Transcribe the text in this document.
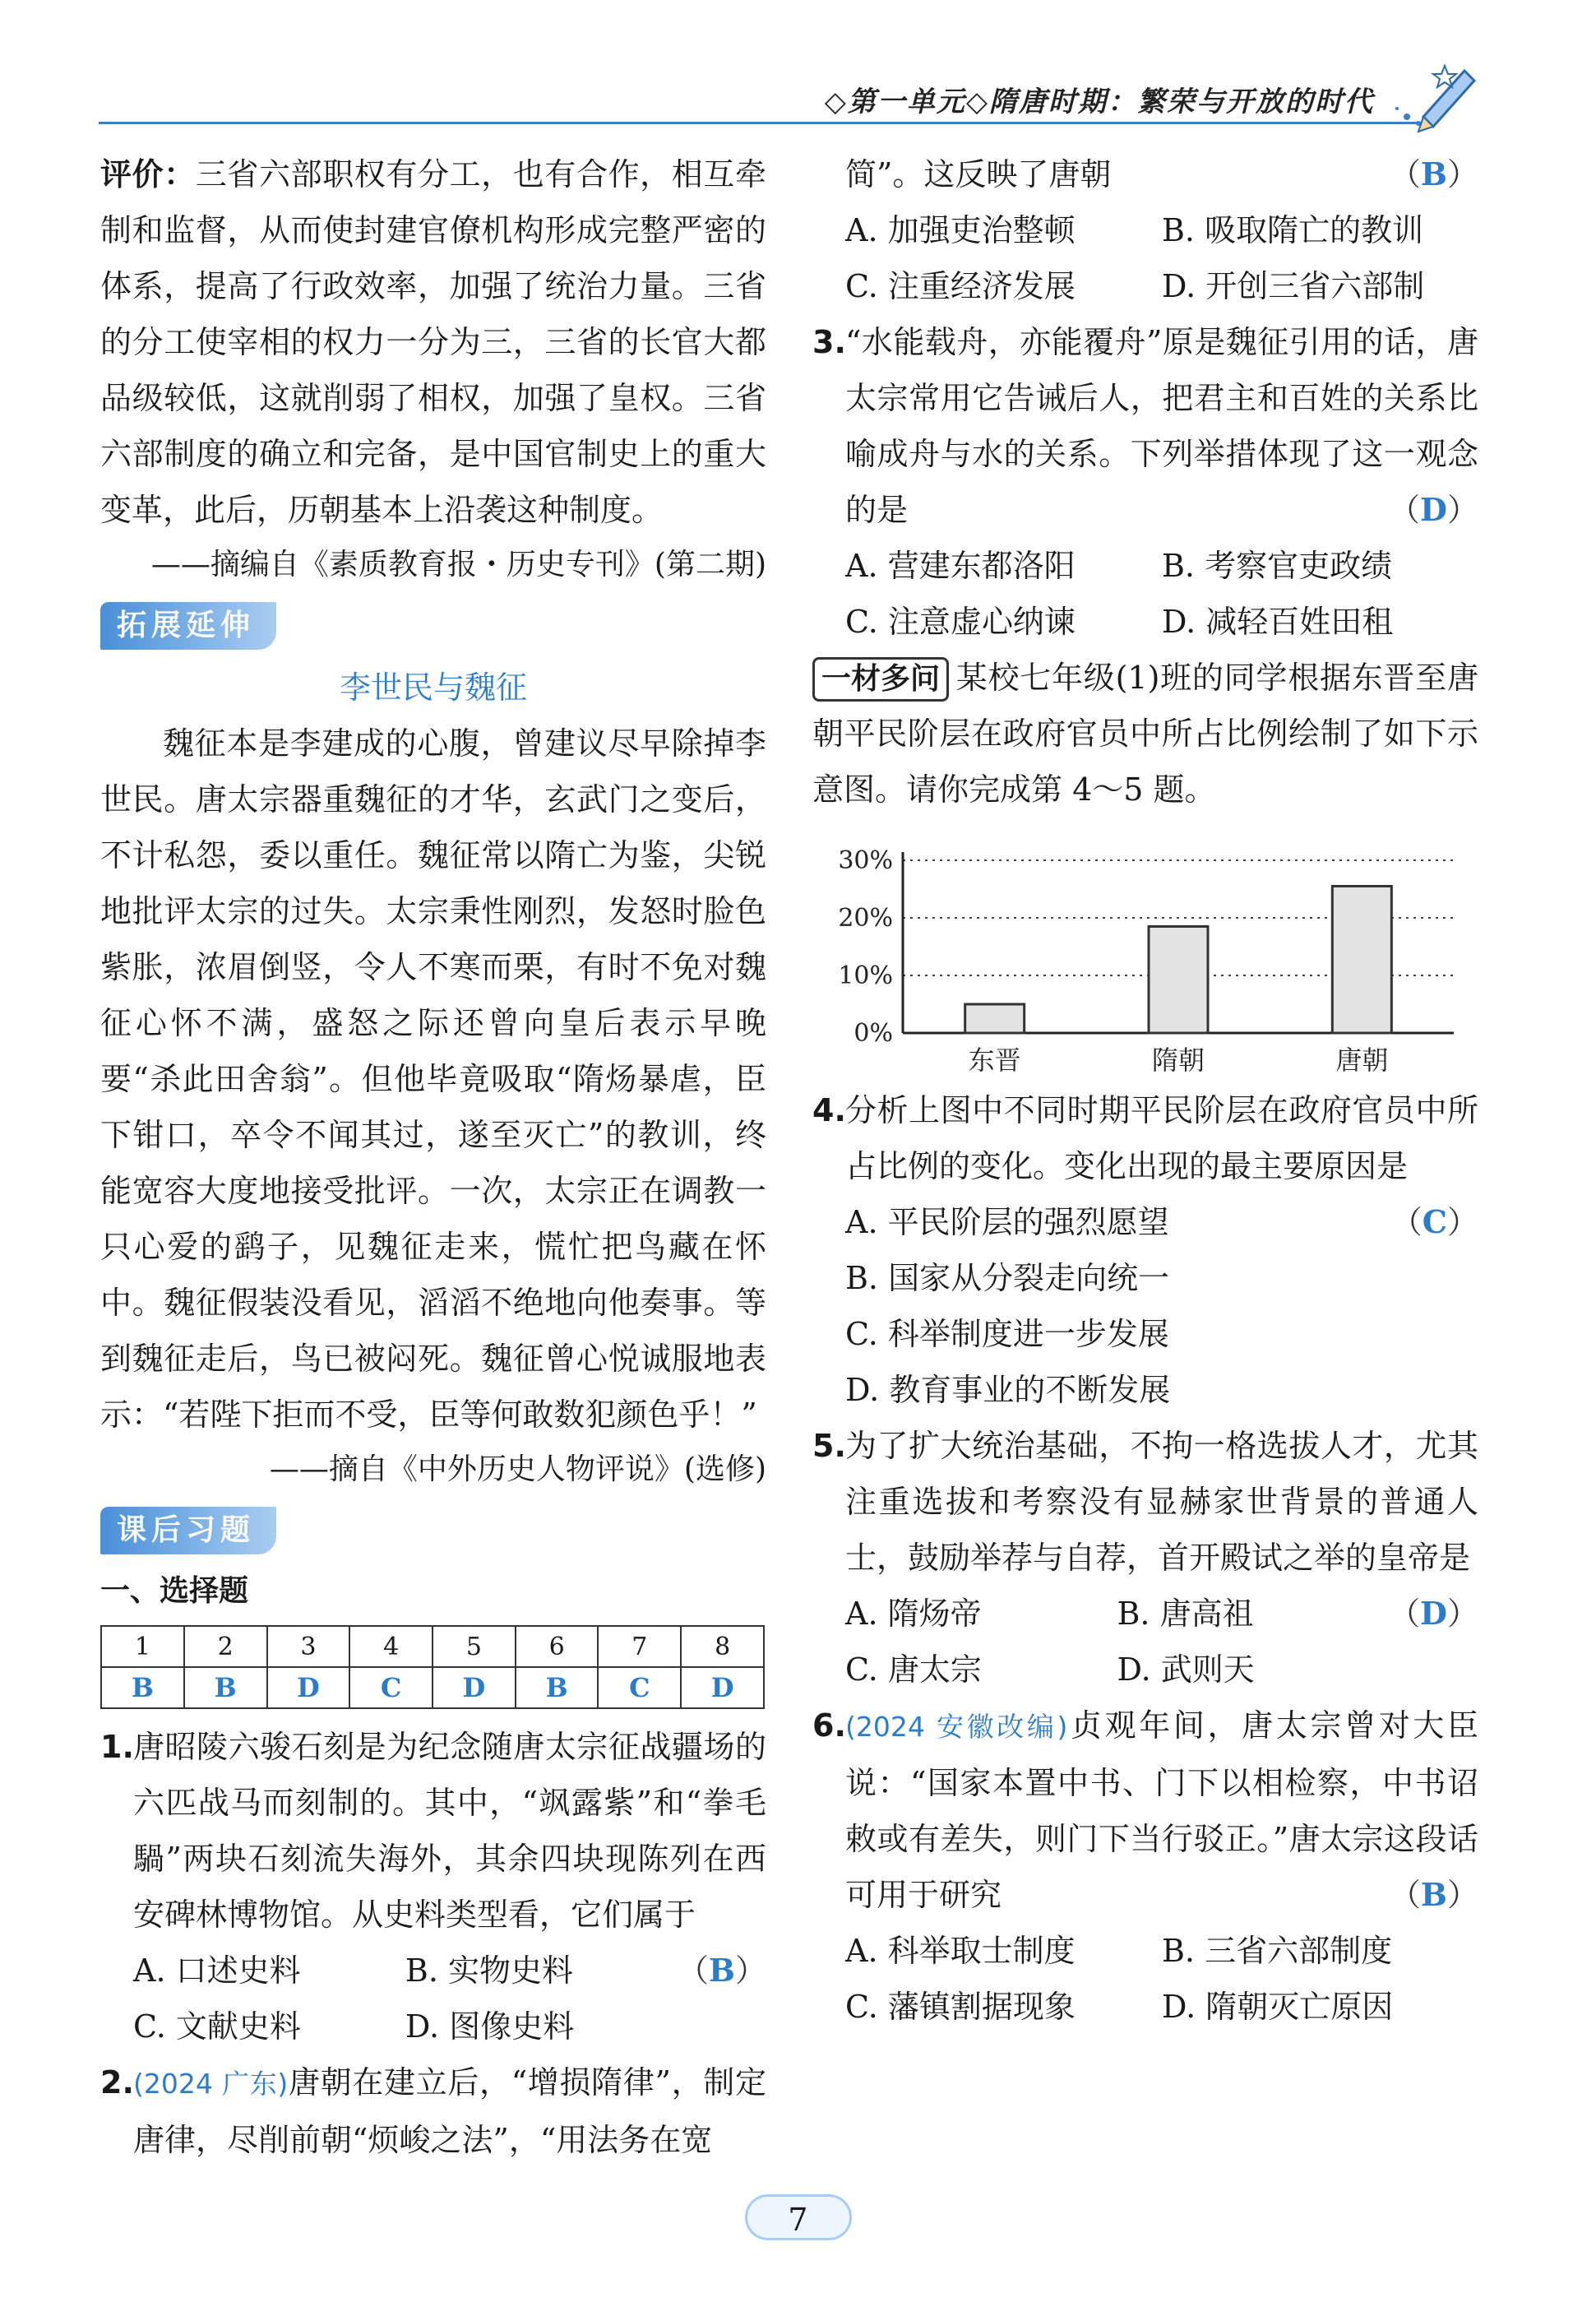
◇第一单元◇隋唐时期：繁荣与开放的时代

评价：三省六部职权有分工，也有合作，相互牵制和监督，从而使封建官僚机构形成完整严密的体系，提高了行政效率，加强了统治力量。三省的分工使宰相的权力一分为三，三省的长官大都品级较低，这就削弱了相权，加强了皇权。三省六部制度的确立和完备，是中国官制史上的重大变革，此后，历朝基本上沿袭这种制度。

——摘编自《素质教育报・历史专刊》(第二期)

拓展延伸
李世民与魏征

魏征本是李建成的心腹，曾建议尽早除掉李世民。唐太宗器重魏征的才华，玄武门之变后，不计私怨，委以重任。魏征常以隋亡为鉴，尖锐地批评太宗的过失。太宗秉性刚烈，发怒时脸色紫胀，浓眉倒竖，令人不寒而栗，有时不免对魏征心怀不满，盛怒之际还曾向皇后表示早晚要“杀此田舍翁”。但他毕竟吸取“隋炀暴虐，臣下钳口，卒令不闻其过，遂至灭亡”的教训，终能宽容大度地接受批评。一次，太宗正在调教一只心爱的鹞子，见魏征走来，慌忙把鸟藏在怀中。魏征假装没看见，滔滔不绝地向他奏事。等到魏征走后，鸟已被闷死。魏征曾心悦诚服地表示：“若陛下拒而不受，臣等何敢数犯颜色乎！”

——摘自《中外历史人物评说》(选修)

课后习题
一、选择题
1	2	3	4	5	6	7	8
B	B	D	C	D	B	C	D
1. 唐昭陵六骏石刻是为纪念随唐太宗征战疆场的六匹战马而刻制的。其中，“飒露紫”和“拳毛騧”两块石刻流失海外，其余四块现陈列在西安碑林博物馆。从史料类型看，它们属于
（B）
A. 口述史料	B. 实物史料
C. 文献史料	D. 图像史料
2. (2024 广东)唐朝在建立后，“增损隋律”，制定唐律，尽削前朝“烦峻之法”，“用法务在宽
简”。这反映了唐朝	（B）
A. 加强吏治整顿	B. 吸取隋亡的教训
C. 注重经济发展	D. 开创三省六部制
3. “水能载舟，亦能覆舟”原是魏征引用的话，唐太宗常用它告诫后人，把君主和百姓的关系比喻成舟与水的关系。下列举措体现了这一观念的是	（D）
A. 营建东都洛阳	B. 考察官吏政绩
C. 注意虚心纳谏	D. 减轻百姓田租

一材多问 某校七年级(1)班的同学根据东晋至唐朝平民阶层在政府官员中所占比例绘制了如下示意图。请你完成第 4～5 题。

0%
10%
20%
30%
东晋	隋朝	唐朝
4. 分析上图中不同时期平民阶层在政府官员中所占比例的变化。变化出现的最主要原因是
（C）
A. 平民阶层的强烈愿望
B. 国家从分裂走向统一
C. 科举制度进一步发展
D. 教育事业的不断发展
5. 为了扩大统治基础，不拘一格选拔人才，尤其注重选拔和考察没有显赫家世背景的普通人士，鼓励举荐与自荐，首开殿试之举的皇帝是
（D）
A. 隋炀帝	B. 唐高祖
C. 唐太宗	D. 武则天
6. (2024 安徽改编)贞观年间，唐太宗曾对大臣说：“国家本置中书、门下以相检察，中书诏敕或有差失，则门下当行驳正。”唐太宗这段话可用于研究	（B）
A. 科举取士制度	B. 三省六部制度
C. 藩镇割据现象	D. 隋朝灭亡原因
7
